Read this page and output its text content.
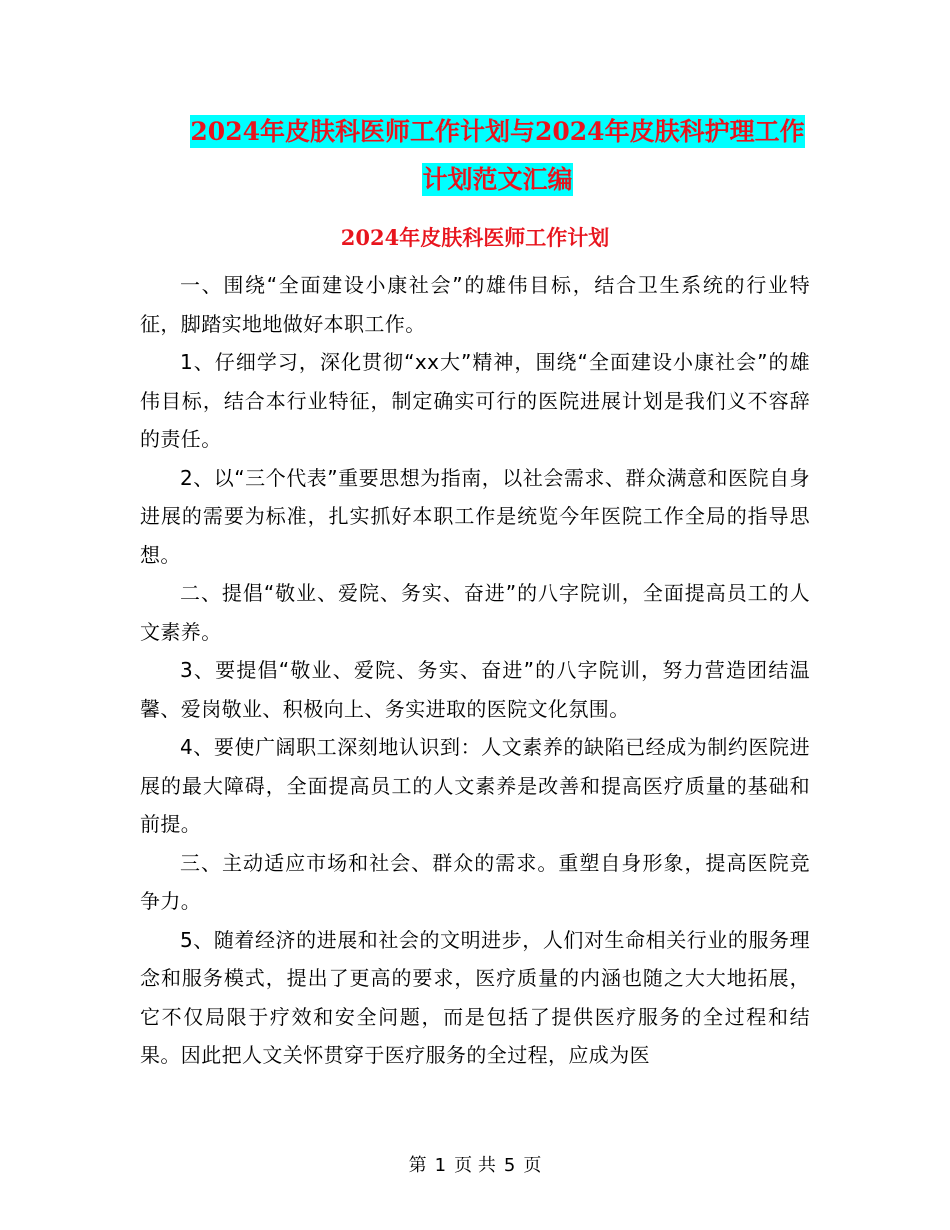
2024年皮肤科医师工作计划与2024年皮肤科护理工作
计划范文汇编
2024年皮肤科医师工作计划

一、围绕“全面建设小康社会”的雄伟目标，结合卫生系统的行业特征，脚踏实地地做好本职工作。

1、仔细学习，深化贯彻“xx大”精神，围绕“全面建设小康社会”的雄伟目标，结合本行业特征，制定确实可行的医院进展计划是我们义不容辞的责任。

2、以“三个代表”重要思想为指南，以社会需求、群众满意和医院自身进展的需要为标准，扎实抓好本职工作是统览今年医院工作全局的指导思想。

二、提倡“敬业、爱院、务实、奋进”的八字院训，全面提高员工的人文素养。

3、要提倡“敬业、爱院、务实、奋进”的八字院训，努力营造团结温馨、爱岗敬业、积极向上、务实进取的医院文化氛围。

4、要使广阔职工深刻地认识到：人文素养的缺陷已经成为制约医院进展的最大障碍，全面提高员工的人文素养是改善和提高医疗质量的基础和前提。

三、主动适应市场和社会、群众的需求。重塑自身形象，提高医院竞争力。

5、随着经济的进展和社会的文明进步，人们对生命相关行业的服务理念和服务模式，提出了更高的要求，医疗质量的内涵也随之大大地拓展，它不仅局限于疗效和安全问题，而是包括了提供医疗服务的全过程和结果。因此把人文关怀贯穿于医疗服务的全过程，应成为医

第 1 页 共 5 页
